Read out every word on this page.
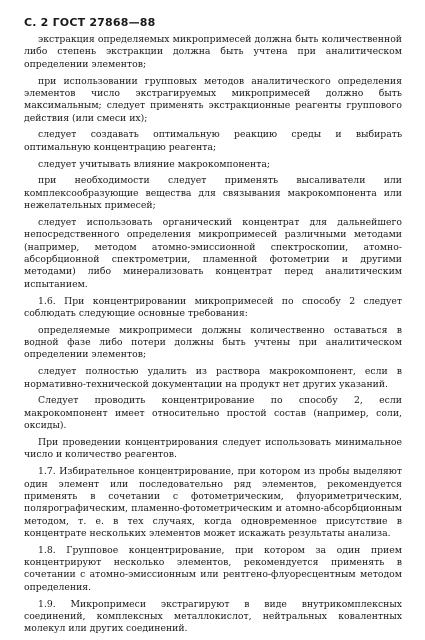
С. 2 ГОСТ 27868—88

экстракция определяемых микропримесей должна быть количественной либо степень экстракции должна быть учтена при аналитическом определении элементов;

при использовании групповых методов аналитического определения элементов число экстрагируемых микропримесей должно быть максимальным; следует применять экстракционные реагенты группового действия (или смеси их);

следует создавать оптимальную реакцию среды и выбирать оптимальную концентрацию реагента;

следует учитывать влияние макрокомпонента;

при необходимости следует применять высаливатели или комплексообразующие вещества для связывания макрокомпонента или нежелательных примесей;

следует использовать органический концентрат для дальнейшего непосредственного определения микропримесей различными методами (например, методом атомно-эмиссионной спектроскопии, атомно-абсорбционной спектрометрии, пламенной фотометрии и другими методами) либо минерализовать концентрат перед аналитическим испытанием.

1.6. При концентрировании микропримесей по способу 2 следует соблюдать следующие основные требования:

определяемые микропримеси должны количественно оставаться в водной фазе либо потери должны быть учтены при аналитическом определении элементов;

следует полностью удалить из раствора макрокомпонент, если в нормативно-технической документации на продукт нет других указаний.

Следует проводить концентрирование по способу 2, если макрокомпонент имеет относительно простой состав (например, соли, оксиды).

При проведении концентрирования следует использовать минимальное число и количество реагентов.

1.7. Избирательное концентрирование, при котором из пробы выделяют один элемент или последовательно ряд элементов, рекомендуется применять в сочетании с фотометрическим, флуориметрическим, полярографическим, пламенно-фотометрическим и атомно-абсорбционным методом, т. е. в тех случаях, когда одновременное присутствие в концентрате нескольких элементов может искажать результаты анализа.

1.8. Групповое концентрирование, при котором за один прием концентрируют несколько элементов, рекомендуется применять в сочетании с атомно-эмиссионным или рентгено-флуоресцентным методом определения.

1.9. Микропримеси экстрагируют в виде внутрикомплексных соединений, комплексных металлокислот, нейтральных ковалентных молекул или других соединений.
